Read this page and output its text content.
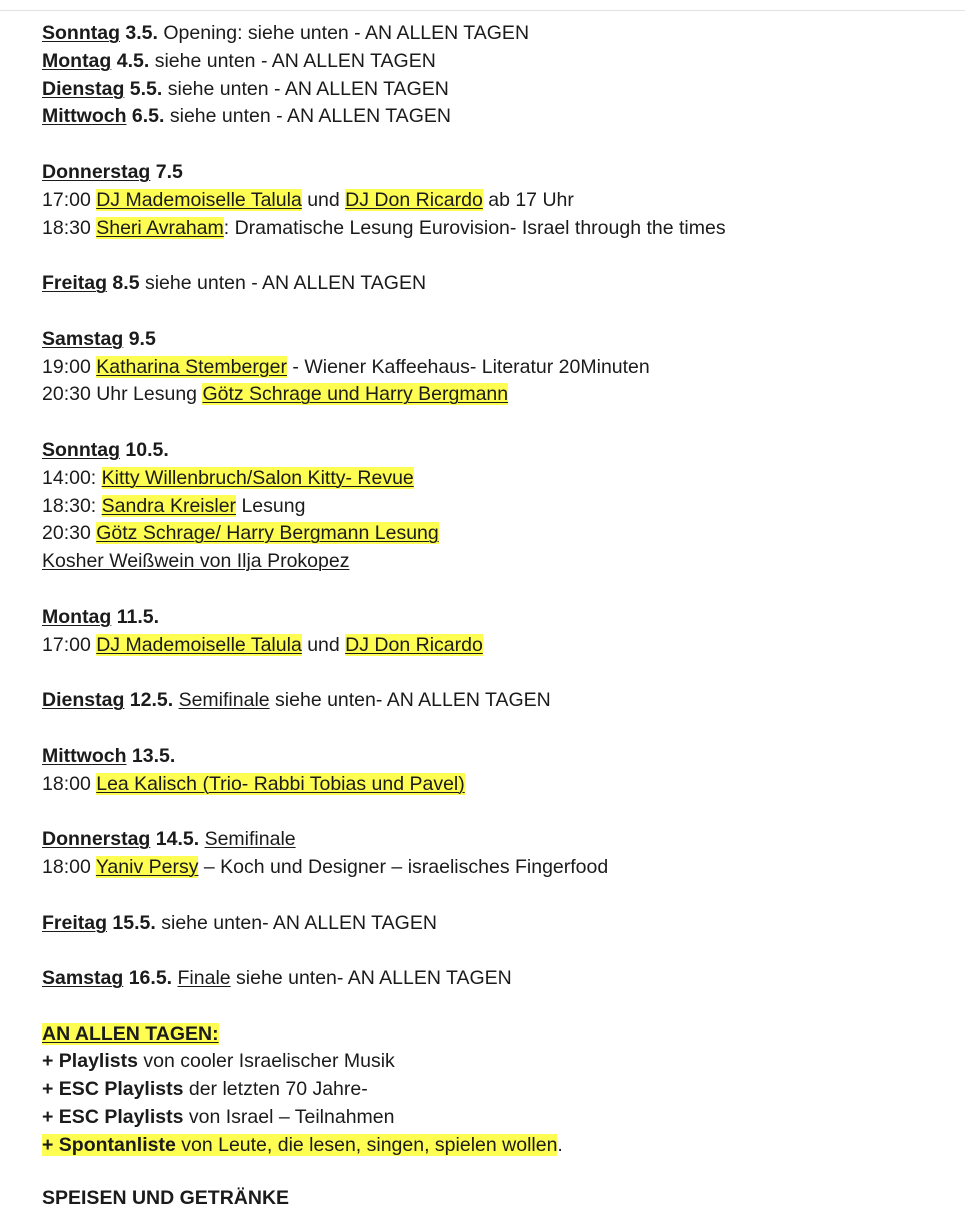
Sonntag 3.5. Opening: siehe unten - AN ALLEN TAGEN
Montag 4.5. siehe unten - AN ALLEN TAGEN
Dienstag 5.5. siehe unten - AN ALLEN TAGEN
Mittwoch 6.5. siehe unten - AN ALLEN TAGEN
Donnerstag 7.5
17:00 DJ Mademoiselle Talula und DJ Don Ricardo ab 17 Uhr
18:30 Sheri Avraham: Dramatische Lesung Eurovision- Israel through the times
Freitag 8.5 siehe unten - AN ALLEN TAGEN
Samstag 9.5
19:00 Katharina Stemberger - Wiener Kaffeehaus- Literatur 20Minuten
20:30 Uhr Lesung Götz Schrage und Harry Bergmann
Sonntag 10.5.
14:00: Kitty Willenbruch/Salon Kitty- Revue
18:30: Sandra Kreisler Lesung
20:30 Götz Schrage/ Harry Bergmann Lesung
Kosher Weißwein von Ilja Prokopez
Montag 11.5.
17:00 DJ Mademoiselle Talula und DJ Don Ricardo
Dienstag 12.5. Semifinale siehe unten- AN ALLEN TAGEN
Mittwoch 13.5.
18:00 Lea Kalisch (Trio- Rabbi Tobias und Pavel)
Donnerstag 14.5. Semifinale
18:00 Yaniv Persy – Koch und Designer – israelisches Fingerfood
Freitag 15.5. siehe unten- AN ALLEN TAGEN
Samstag 16.5. Finale siehe unten- AN ALLEN TAGEN
AN ALLEN TAGEN:
+ Playlists von cooler Israelischer Musik
+ ESC Playlists der letzten 70 Jahre-
+ ESC Playlists von Israel – Teilnahmen
+ Spontanliste von Leute, die lesen, singen, spielen wollen.
SPEISEN UND GETRÄNKE
